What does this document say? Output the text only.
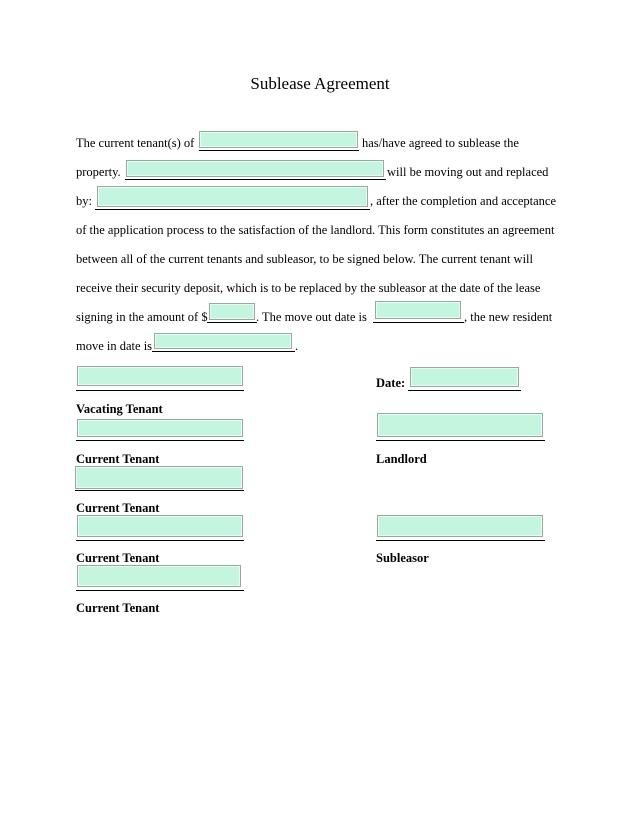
Sublease Agreement
The current tenant(s) of	has/have agreed to sublease the
property.	will be moving out and replaced
by:	, after the completion and acceptance
of the application process to the satisfaction of the landlord. This form constitutes an agreement
between all of the current tenants and subleasor, to be signed below. The current tenant will
receive their security deposit, which is to be replaced by the subleasor at the date of the lease
signing in the amount of $	. The move out date is	, the new resident
move in date is	.
Vacating Tenant
Date:
Current Tenant	Landlord
Current Tenant
Current Tenant	Subleasor
Current Tenant
